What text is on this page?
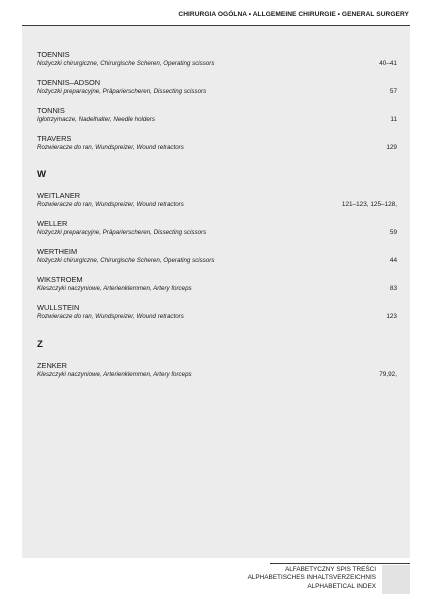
CHIRURGIA OGÓLNA • ALLGEMEINE CHIRURGIE • GENERAL SURGERY
TOENNIS
Nożyczki chirurgiczne, Chirurgische Scheren, Operating scissors	40–41
TOENNIS–ADSON
Nożyczki preparacyjne, Präparierscheren, Dissecting scissors	57
TONNIS
Igłotrzymacze, Nadelhalter, Needle holders	11
TRAVERS
Rozwieracze do ran, Wundspreizer, Wound retractors	129
W
WEITLANER
Rozwieracze do ran, Wundspreizer, Wound retractors	121–123, 125–128,
WELLER
Nożyczki preparacyjne, Präparierscheren, Dissecting scissors	59
WERTHEIM
Nożyczki chirurgiczne, Chirurgische Scheren, Operating scissors	44
WIKSTROEM
Kleszczyki naczyniowe, Arterienklemmen, Artery forceps	83
WULLSTEIN
Rozwieracze do ran, Wundspreizer, Wound retractors	123
Z
ZENKER
Kleszczyki naczyniowe, Arterienklemmen, Artery forceps	79,92,
ALFABETYCZNY SPIS TREŚCI
ALPHABETISCHES INHALTSVERZEICHNIS
ALPHABETICAL INDEX
